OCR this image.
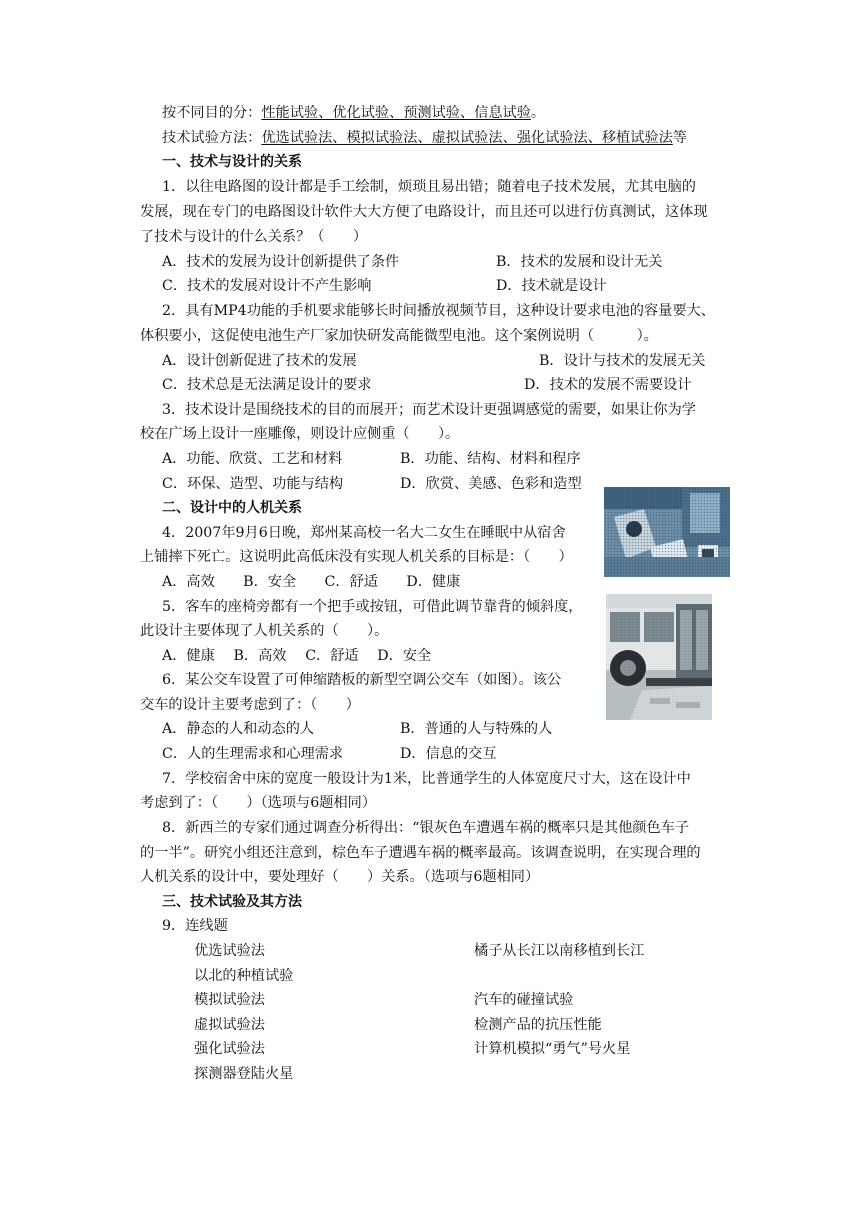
按不同目的分：性能试验、优化试验、预测试验、信息试验。
技术试验方法：优选试验法、模拟试验法、虚拟试验法、强化试验法、移植试验法等
一、技术与设计的关系
1．以往电路图的设计都是手工绘制，烦琐且易出错；随着电子技术发展，尤其电脑的
发展，现在专门的电路图设计软件大大方便了电路设计，而且还可以进行仿真测试，这体现
了技术与设计的什么关系？（　　）
A．技术的发展为设计创新提供了条件	B．技术的发展和设计无关
C．技术的发展对设计不产生影响	D．技术就是设计
2．具有MP4功能的手机要求能够长时间播放视频节目，这种设计要求电池的容量要大、
体积要小，这促使电池生产厂家加快研发高能微型电池。这个案例说明（　　　）。
A．设计创新促进了技术的发展	B．设计与技术的发展无关
C．技术总是无法满足设计的要求	D．技术的发展不需要设计
3．技术设计是围绕技术的目的而展开；而艺术设计更强调感觉的需要，如果让你为学
校在广场上设计一座雕像，则设计应侧重（　　）。
A．功能、欣赏、工艺和材料	B．功能、结构、材料和程序
C．环保、造型、功能与结构	D．欣赏、美感、色彩和造型
二、设计中的人机关系
4．2007年9月6日晚，郑州某高校一名大二女生在睡眠中从宿舍
上铺摔下死亡。这说明此高低床没有实现人机关系的目标是：（　　）
A．高效　　B．安全　　C．舒适　　D．健康
5．客车的座椅旁都有一个把手或按钮，可借此调节靠背的倾斜度，
此设计主要体现了人机关系的（　　）。
A．健康　 B．高效　 C．舒适　 D．安全
6．某公交车设置了可伸缩踏板的新型空调公交车（如图）。该公
交车的设计主要考虑到了：（　　）
A．静态的人和动态的人	B．普通的人与特殊的人
C．人的生理需求和心理需求	D．信息的交互
7．学校宿舍中床的宽度一般设计为1米，比普通学生的人体宽度尺寸大，这在设计中
考虑到了：（　　）（选项与6题相同）
8．新西兰的专家们通过调查分析得出：“银灰色车遭遇车祸的概率只是其他颜色车子
的一半”。研究小组还注意到，棕色车子遭遇车祸的概率最高。该调查说明，在实现合理的
人机关系的设计中，要处理好（　　）关系。（选项与6题相同）
三、技术试验及其方法
9．连线题
优选试验法	橘子从长江以南移植到长江
以北的种植试验
模拟试验法	汽车的碰撞试验
虚拟试验法	检测产品的抗压性能
强化试验法	计算机模拟“勇气”号火星
探测器登陆火星
